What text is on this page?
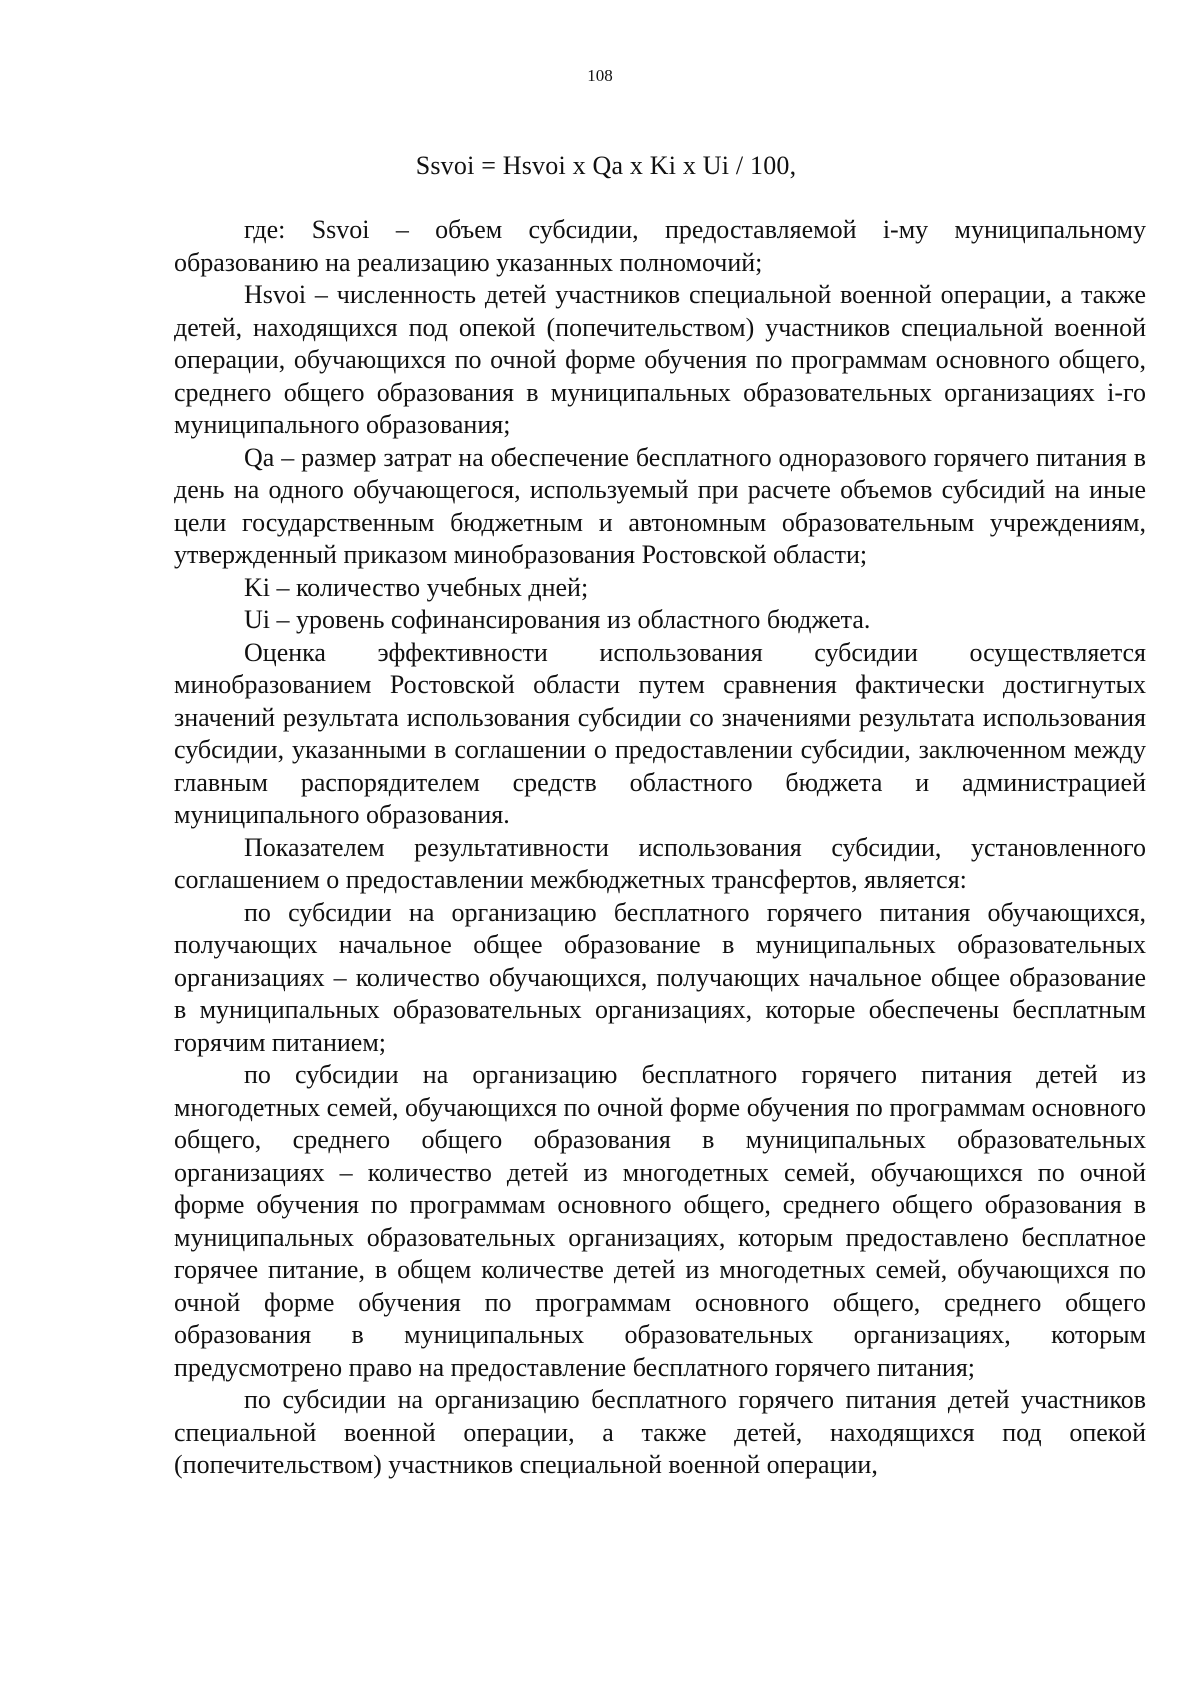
108
Ssvoi = Hsvoi x Qa x Ki x Ui / 100,

где: Ssvoi – объем субсидии, предоставляемой i-му муниципальному образованию на реализацию указанных полномочий;

Hsvoi – численность детей участников специальной военной операции, а также детей, находящихся под опекой (попечительством) участников специальной военной операции, обучающихся по очной форме обучения по программам основного общего, среднего общего образования в муниципальных образовательных организациях i-го муниципального образования;

Qa – размер затрат на обеспечение бесплатного одноразового горячего питания в день на одного обучающегося, используемый при расчете объемов субсидий на иные цели государственным бюджетным и автономным образовательным учреждениям, утвержденный приказом минобразования Ростовской области;

Ki – количество учебных дней;

Ui – уровень софинансирования из областного бюджета.

Оценка эффективности использования субсидии осуществляется минобразованием Ростовской области путем сравнения фактически достигнутых значений результата использования субсидии со значениями результата использования субсидии, указанными в соглашении о предоставлении субсидии, заключенном между главным распорядителем средств областного бюджета и администрацией муниципального образования.

Показателем результативности использования субсидии, установленного соглашением о предоставлении межбюджетных трансфертов, является:

по субсидии на организацию бесплатного горячего питания обучающихся, получающих начальное общее образование в муниципальных образовательных организациях – количество обучающихся, получающих начальное общее образование в муниципальных образовательных организациях, которые обеспечены бесплатным горячим питанием;

по субсидии на организацию бесплатного горячего питания детей из многодетных семей, обучающихся по очной форме обучения по программам основного общего, среднего общего образования в муниципальных образовательных организациях – количество детей из многодетных семей, обучающихся по очной форме обучения по программам основного общего, среднего общего образования в муниципальных образовательных организациях, которым предоставлено бесплатное горячее питание, в общем количестве детей из многодетных семей, обучающихся по очной форме обучения по программам основного общего, среднего общего образования в муниципальных образовательных организациях, которым предусмотрено право на предоставление бесплатного горячего питания;

по субсидии на организацию бесплатного горячего питания детей участников специальной военной операции, а также детей, находящихся под опекой (попечительством) участников специальной военной операции,
